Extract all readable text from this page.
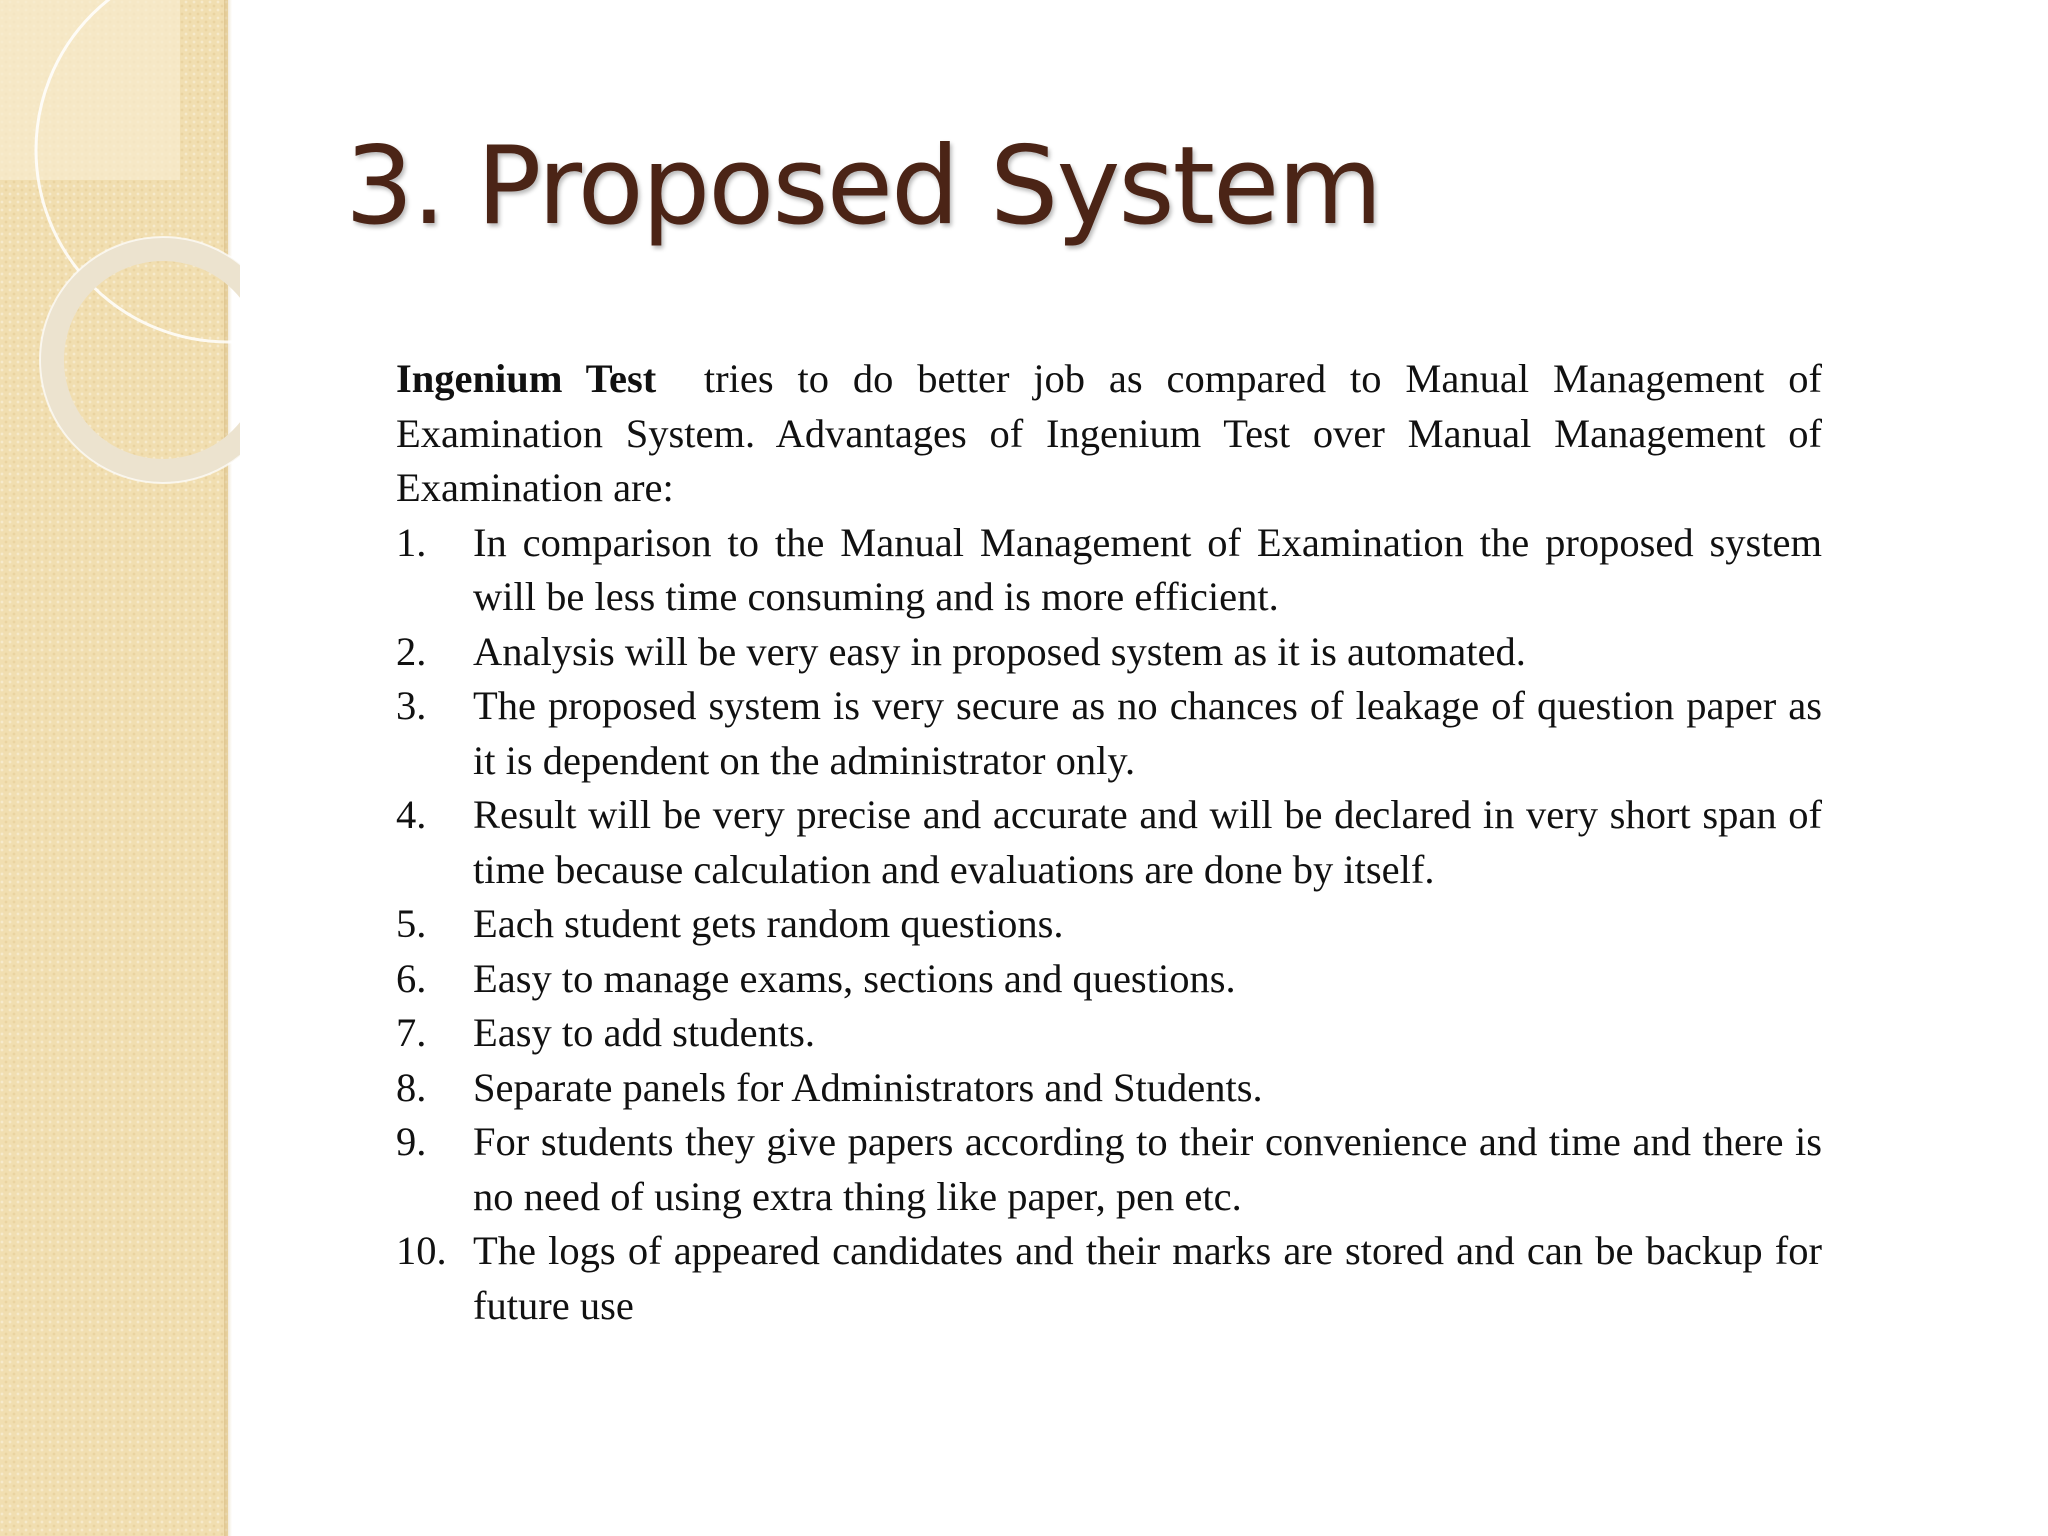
3. Proposed System

Ingenium Test  tries to do better job as compared to Manual Management of Examination System. Advantages of Ingenium Test over Manual Management of Examination are:

1.	In comparison to the Manual Management of Examination the proposed system will be less time consuming and is more efficient.
2.	Analysis will be very easy in proposed system as it is automated.
3.	The proposed system is very secure as no chances of leakage of question paper as it is dependent on the administrator only.
4.	Result will be very precise and accurate and will be declared in very short span of time because calculation and evaluations are done by itself.
5.	Each student gets random questions.
6.	Easy to manage exams, sections and questions.
7.	Easy to add students.
8.	Separate panels for Administrators and Students.
9.	For students they give papers according to their convenience and time and there is no need of using extra thing like paper, pen etc.
10. The logs of appeared candidates and their marks are stored and can be backup for future use
